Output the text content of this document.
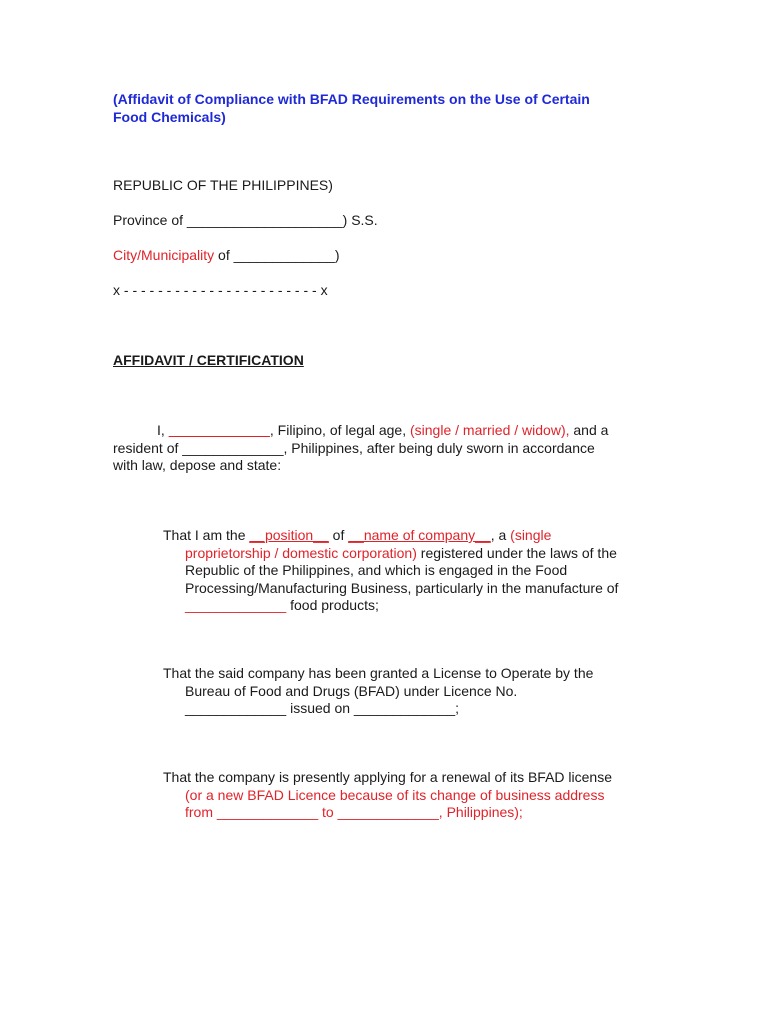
(Affidavit of Compliance with BFAD Requirements on the Use of Certain
Food Chemicals)
REPUBLIC OF THE PHILIPPINES)
Province of ____________________) S.S.
City/Municipality of _____________)
x - - - - - - - - - - - - - - - - - - - - - - - x
AFFIDAVIT / CERTIFICATION
I, _____________, Filipino, of legal age, (single / married / widow), and a
resident of _____________, Philippines, after being duly sworn in accordance
with law, depose and state:
That I am the __position__ of __name of company__, a (single
proprietorship / domestic corporation) registered under the laws of the
Republic of the Philippines, and which is engaged in the Food
Processing/Manufacturing Business, particularly in the manufacture of
_____________ food products;
That the said company has been granted a License to Operate by the
Bureau of Food and Drugs (BFAD) under Licence No.
_____________ issued on _____________;
That the company is presently applying for a renewal of its BFAD license
(or a new BFAD Licence because of its change of business address
from _____________ to _____________, Philippines);
